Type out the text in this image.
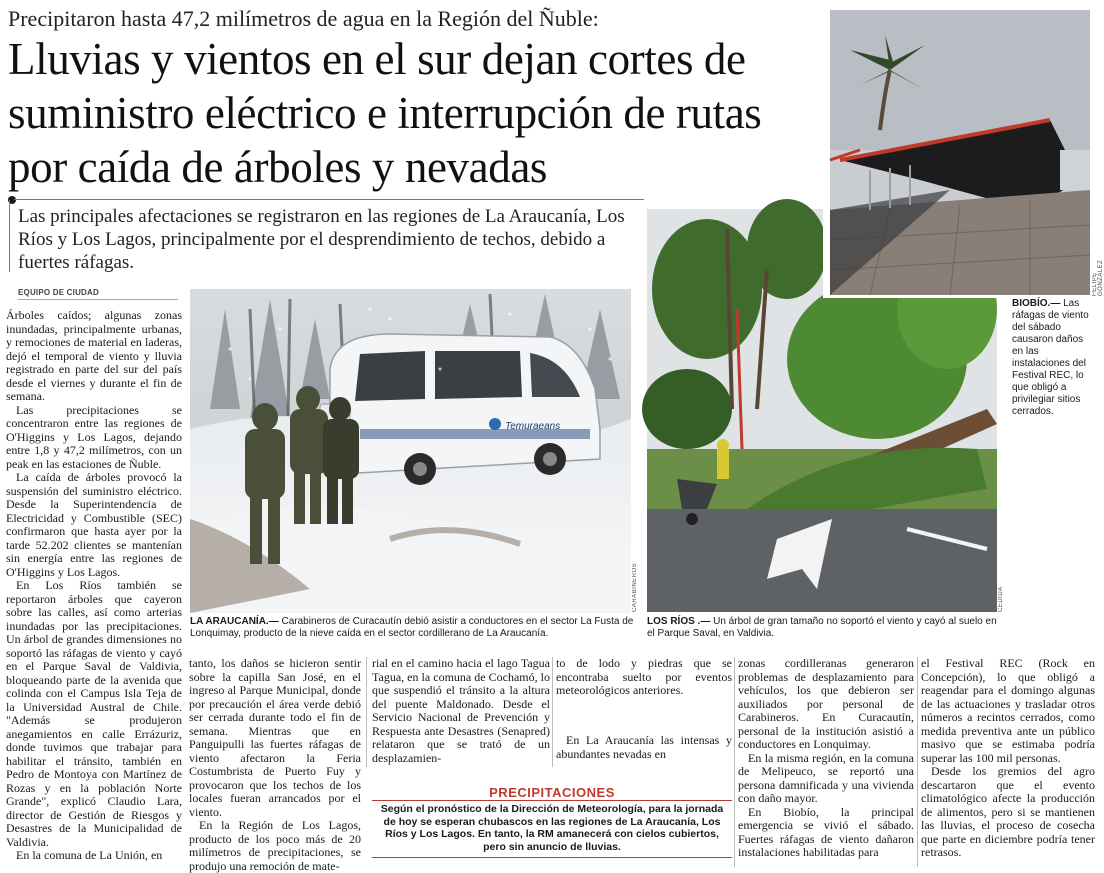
Precipitaron hasta 47,2 milímetros de agua en la Región del Ñuble:
Lluvias y vientos en el sur dejan cortes de suministro eléctrico e interrupción de rutas por caída de árboles y nevadas
Las principales afectaciones se registraron en las regiones de La Araucanía, Los Ríos y Los Lagos, principalmente por el desprendimiento de techos, debido a fuertes ráfagas.
EQUIPO DE CIUDAD

Árboles caídos; algunas zonas inundadas, principalmente urbanas, y remociones de material en laderas, dejó el temporal de viento y lluvia registrado en parte del sur del país desde el viernes y durante el fin de semana.

Las precipitaciones se concentraron entre las regiones de O'Higgins y Los Lagos, dejando entre 1,8 y 47,2 milímetros, con un peak en las estaciones de Ñuble.

La caída de árboles provocó la suspensión del suministro eléctrico. Desde la Superintendencia de Electricidad y Combustible (SEC) confirmaron que hasta ayer por la tarde 52.202 clientes se mantenían sin energía entre las regiones de O'Higgins y Los Lagos.

En Los Ríos también se reportaron árboles que cayeron sobre las calles, así como arterias inundadas por las precipitaciones. Un árbol de grandes dimensiones no soportó las ráfagas de viento y cayó en el Parque Saval de Valdivia, bloqueando parte de la avenida que colinda con el Campus Isla Teja de la Universidad Austral de Chile. "Además se produjeron anegamientos en calle Errázuriz, donde tuvimos que trabajar para habilitar el tránsito, también en Pedro de Montoya con Martínez de Rozas y en la población Norte Grande", explicó Claudio Lara, director de Gestión de Riesgos y Desastres de la Municipalidad de Valdivia.

En la comuna de La Unión, en

Temuraeans
CARABINEROS
LA ARAUCANÍA.— Carabineros de Curacautín debió asistir a conductores en el sector La Fusta de Lonquimay, producto de la nieve caída en el sector cordillerano de La Araucanía.
CEDIDA
LOS RÍOS .— Un árbol de gran tamaño no soportó el viento y cayó al suelo en el Parque Saval, en Valdivia.
FELIPE GONZÁLEZ
BIOBÍO.— Las ráfagas de viento del sábado causaron daños en las instalaciones del Festival REC, lo que obligó a privilegiar sitios cerrados.

tanto, los daños se hicieron sentir sobre la capilla San José, en el ingreso al Parque Municipal, donde por precaución el área verde debió ser cerrada durante todo el fin de semana. Mientras que en Panguipulli las fuertes ráfagas de viento afectaron la Feria Costumbrista de Puerto Fuy y provocaron que los techos de los locales fueran arrancados por el viento.

En la Región de Los Lagos, producto de los poco más de 20 milímetros de precipitaciones, se produjo una remoción de mate-

rial en el camino hacia el lago Tagua Tagua, en la comuna de Cochamó, lo que suspendió el tránsito a la altura del puente Maldonado. Desde el Servicio Nacional de Prevención y Respuesta ante Desastres (Senapred) relataron que se trató de un desplazamien-

to de lodo y piedras que se encontraba suelto por eventos meteorológicos anteriores.

En La Araucanía las intensas y abundantes nevadas en

zonas cordilleranas generaron problemas de desplazamiento para vehículos, los que debieron ser auxiliados por personal de Carabineros. En Curacautín, personal de la institución asistió a conductores en Lonquimay.

En la misma región, en la comuna de Melipeuco, se reportó una persona damnificada y una vivienda con daño mayor.

En Biobío, la principal emergencia se vivió el sábado. Fuertes ráfagas de viento dañaron instalaciones habilitadas para

el Festival REC (Rock en Concepción), lo que obligó a reagendar para el domingo algunas de las actuaciones y trasladar otros números a recintos cerrados, como medida preventiva ante un público masivo que se estimaba podría superar las 100 mil personas.

Desde los gremios del agro descartaron que el evento climatológico afecte la producción de alimentos, pero si se mantienen las lluvias, el proceso de cosecha que parte en diciembre podría tener retrasos.

PRECIPITACIONES
Según el pronóstico de la Dirección de Meteorología, para la jornada de hoy se esperan chubascos en las regiones de La Araucanía, Los Ríos y Los Lagos. En tanto, la RM amanecerá con cielos cubiertos, pero sin anuncio de lluvias.
